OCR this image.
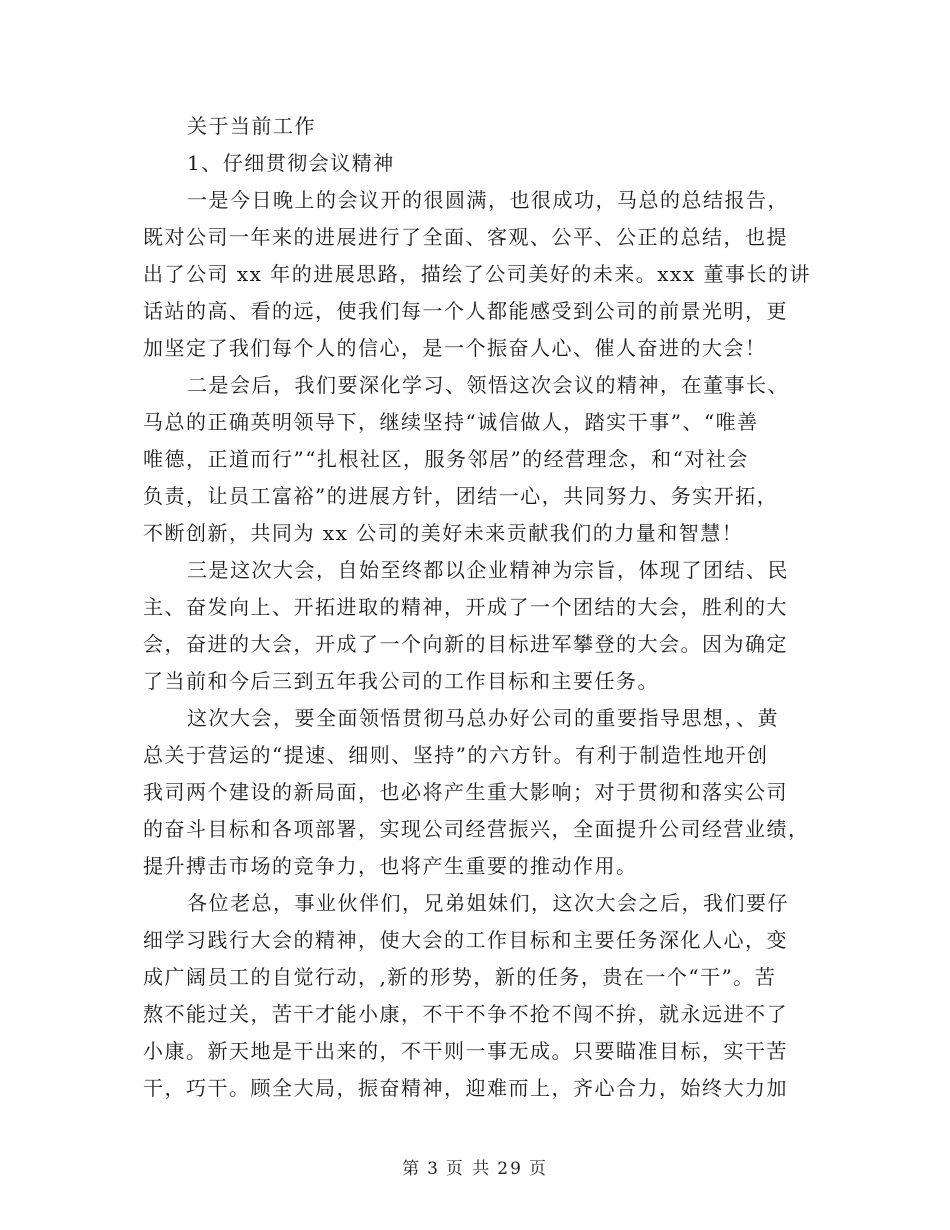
关于当前工作
1、仔细贯彻会议精神
一是今日晚上的会议开的很圆满，也很成功，马总的总结报告，
既对公司一年来的进展进行了全面、客观、公平、公正的总结，也提
出了公司 xx 年的进展思路，描绘了公司美好的未来。xxx 董事长的讲
话站的高、看的远，使我们每一个人都能感受到公司的前景光明，更
加坚定了我们每个人的信心，是一个振奋人心、催人奋进的大会！
二是会后，我们要深化学习、领悟这次会议的精神，在董事长、
马总的正确英明领导下，继续坚持“诚信做人，踏实干事”、“唯善
唯德，正道而行”“扎根社区，服务邻居”的经营理念，和“对社会
负责，让员工富裕”的进展方针，团结一心，共同努力、务实开拓，
不断创新，共同为 xx 公司的美好未来贡献我们的力量和智慧！
三是这次大会，自始至终都以企业精神为宗旨，体现了团结、民
主、奋发向上、开拓进取的精神，开成了一个团结的大会，胜利的大
会，奋进的大会，开成了一个向新的目标进军攀登的大会。因为确定
了当前和今后三到五年我公司的工作目标和主要任务。
这次大会，要全面领悟贯彻马总办好公司的重要指导思想，、黄
总关于营运的“提速、细则、坚持”的六方针。有利于制造性地开创
我司两个建设的新局面，也必将产生重大影响；对于贯彻和落实公司
的奋斗目标和各项部署，实现公司经营振兴，全面提升公司经营业绩，
提升搏击市场的竞争力，也将产生重要的推动作用。
各位老总，事业伙伴们，兄弟姐妹们，这次大会之后，我们要仔
细学习践行大会的精神，使大会的工作目标和主要任务深化人心，变
成广阔员工的自觉行动，,新的形势，新的任务，贵在一个“干”。苦
熬不能过关，苦干才能小康，不干不争不抢不闯不拚，就永远进不了
小康。新天地是干出来的，不干则一事无成。只要瞄准目标，实干苦
干，巧干。顾全大局，振奋精神，迎难而上，齐心合力，始终大力加
第 3 页 共 29 页
